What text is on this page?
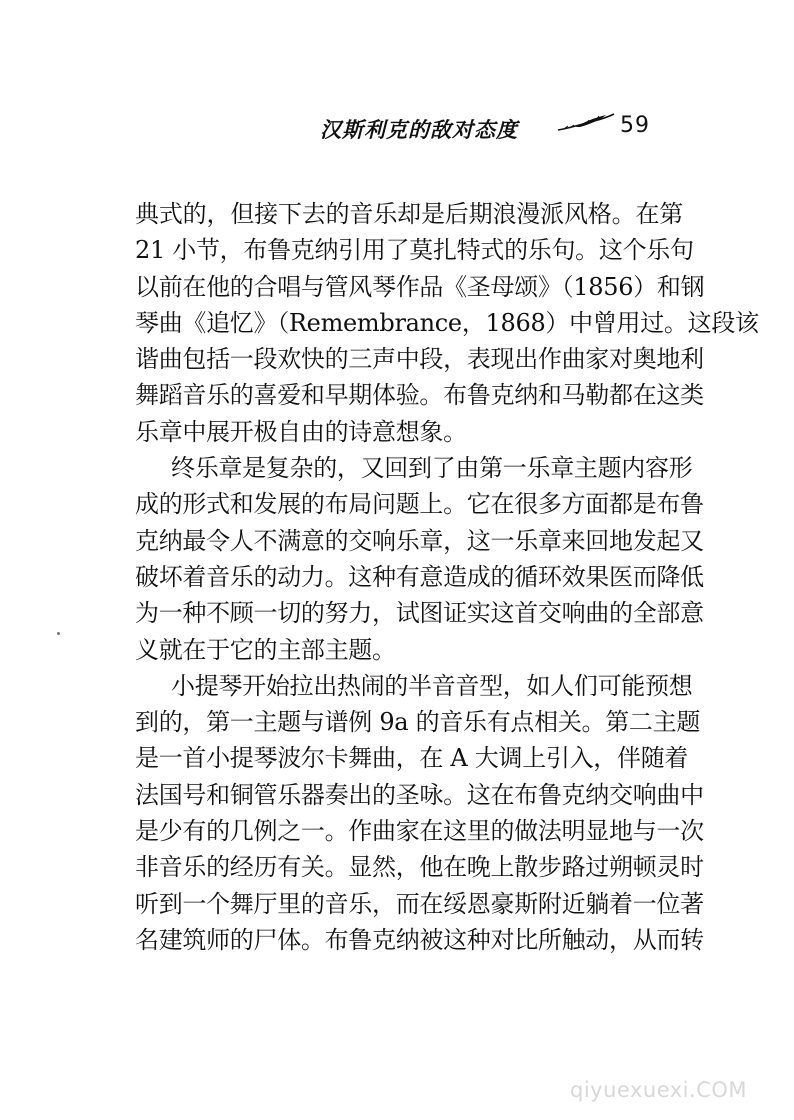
汉斯利克的敌对态度	59
典式的，但接下去的音乐却是后期浪漫派风格。在第
21 小节，布鲁克纳引用了莫扎特式的乐句。这个乐句
以前在他的合唱与管风琴作品《圣母颂》（1856）和钢
琴曲《追忆》（Remembrance，1868）中曾用过。这段该
谐曲包括一段欢快的三声中段，表现出作曲家对奥地利
舞蹈音乐的喜爱和早期体验。布鲁克纳和马勒都在这类
乐章中展开极自由的诗意想象。
终乐章是复杂的，又回到了由第一乐章主题内容形
成的形式和发展的布局问题上。它在很多方面都是布鲁
克纳最令人不满意的交响乐章，这一乐章来回地发起又
破坏着音乐的动力。这种有意造成的循环效果医而降低
为一种不顾一切的努力，试图证实这首交响曲的全部意
义就在于它的主部主题。
小提琴开始拉出热闹的半音音型，如人们可能预想
到的，第一主题与谱例 9a 的音乐有点相关。第二主题
是一首小提琴波尔卡舞曲，在 A 大调上引入，伴随着
法国号和铜管乐器奏出的圣咏。这在布鲁克纳交响曲中
是少有的几例之一。作曲家在这里的做法明显地与一次
非音乐的经历有关。显然，他在晚上散步路过朔顿灵时
听到一个舞厅里的音乐，而在绥恩豪斯附近躺着一位著
名建筑师的尸体。布鲁克纳被这种对比所触动，从而转
qiyuexuexi.COM
